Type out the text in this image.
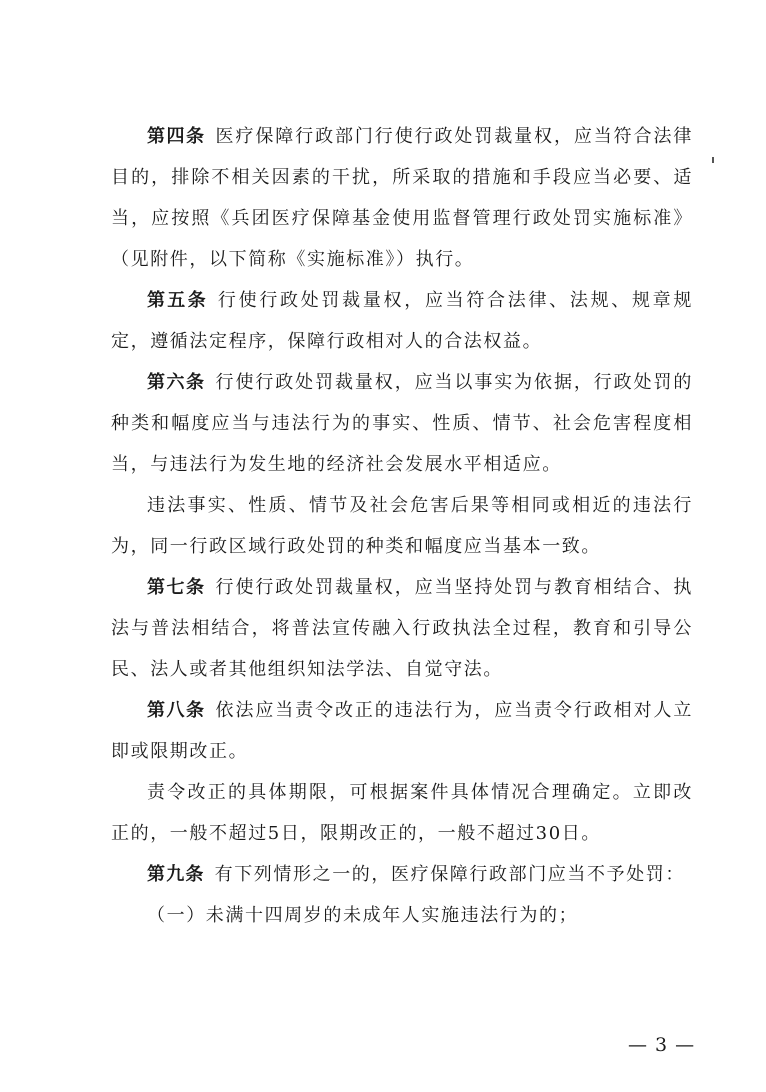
第四条 医疗保障行政部门行使行政处罚裁量权，应当符合法律目的，排除不相关因素的干扰，所采取的措施和手段应当必要、适当，应按照《兵团医疗保障基金使用监督管理行政处罚实施标准》（见附件，以下简称《实施标准》）执行。

第五条 行使行政处罚裁量权，应当符合法律、法规、规章规定，遵循法定程序，保障行政相对人的合法权益。

第六条 行使行政处罚裁量权，应当以事实为依据，行政处罚的种类和幅度应当与违法行为的事实、性质、情节、社会危害程度相当，与违法行为发生地的经济社会发展水平相适应。

违法事实、性质、情节及社会危害后果等相同或相近的违法行为，同一行政区域行政处罚的种类和幅度应当基本一致。

第七条 行使行政处罚裁量权，应当坚持处罚与教育相结合、执法与普法相结合，将普法宣传融入行政执法全过程，教育和引导公民、法人或者其他组织知法学法、自觉守法。

第八条 依法应当责令改正的违法行为，应当责令行政相对人立即或限期改正。

责令改正的具体期限，可根据案件具体情况合理确定。立即改正的，一般不超过5日，限期改正的，一般不超过30日。

第九条 有下列情形之一的，医疗保障行政部门应当不予处罚：

（一）未满十四周岁的未成年人实施违法行为的；

— 3 —
